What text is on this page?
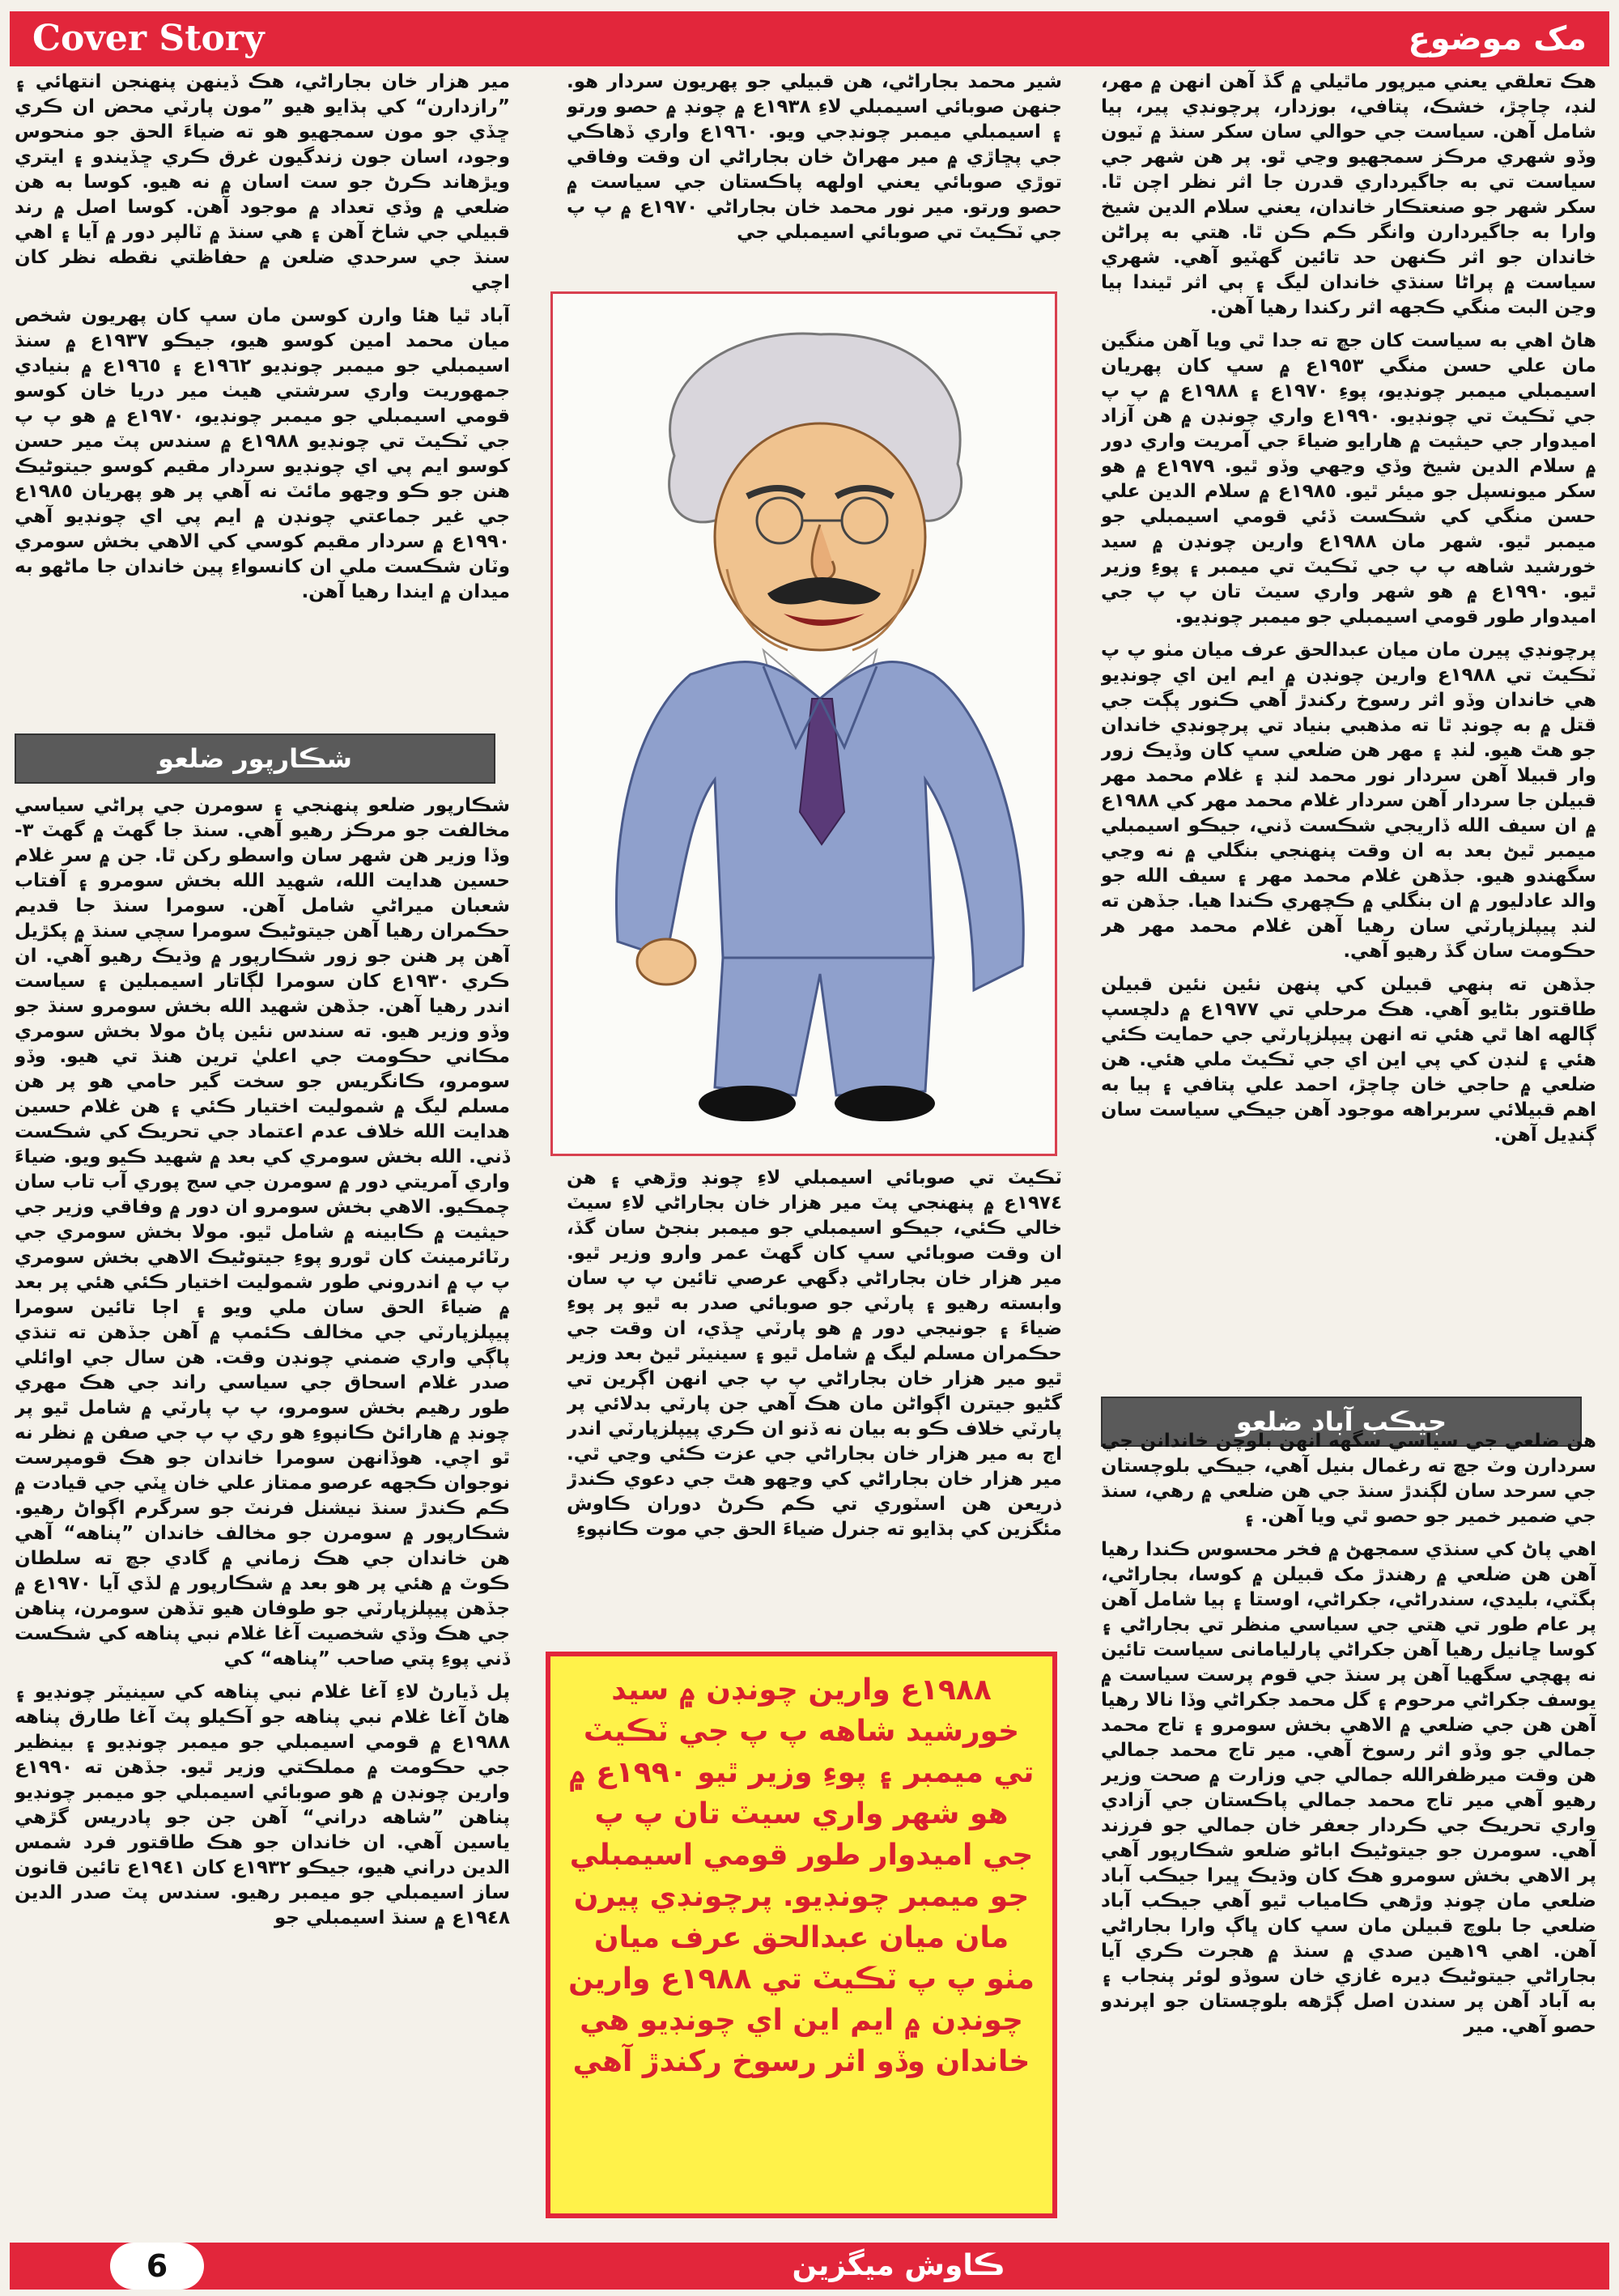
Cover Story	مک موضوع

هڪ تعلقي يعني ميرپور ماٿيلي ۾ گڏ آهن انهن ۾ مهر، لنڊ، چاچڙ، خشڪ، پتافي، بوزدار، پرچونڊي پير، ٻيا شامل آهن. سياست جي حوالي سان سکر سنڌ ۾ ٽيون وڏو شهري مرڪز سمجهيو وڃي ٿو. پر هن شهر جي سياست تي به جاگيرداري قدرن جا اثر نظر اچن ٿا. سکر شهر جو صنعتڪار خاندان، يعني سلام الدين شيخ وارا به جاگيردارن وانگر ڪم ڪن ٿا. هتي به پراڻن خاندان جو اثر ڪنهن حد تائين گهٽيو آهي. شهري سياست ۾ پراڻا سنڌي خاندان ليگ ۽ ٻي اثر ٿيندا ٻيا وڃن البت منگي ڪجهه اثر رکندا رهيا آهن.

هاڻ اهي به سياست کان جڇ ته جدا ٿي ويا آهن منگين مان علي حسن منگي ١٩٥٣ع ۾ سڀ کان پهريان اسيمبلي ميمبر چونڊيو، پوءِ ١٩٧٠ع ۽ ١٩٨٨ع ۾ پ پ جي ٽڪيٽ تي چونڊيو. ١٩٩٠ع واري چونڊن ۾ هن آزاد اميدوار جي حيثيت ۾ هارايو ضياءَ جي آمريت واري دور ۾ سلام الدين شيخ وڏي وڃهي وڏو ٿيو. ١٩٧٩ع ۾ هو سکر ميونسپل جو ميئر ٿيو. ١٩٨٥ع ۾ سلام الدين علي حسن منگي کي شڪست ڏئي قومي اسيمبلي جو ميمبر ٿيو. شهر مان ١٩٨٨ع وارين چونڊن ۾ سيد خورشيد شاهه پ پ جي ٽڪيٽ تي ميمبر ۽ پوءِ وزير ٿيو. ١٩٩٠ع ۾ هو شهر واري سيٽ تان پ پ جي اميدوار طور قومي اسيمبلي جو ميمبر چونڊيو.

پرچونڊي پيرن مان ميان عبدالحق عرف ميان مٺو پ پ ٽڪيٽ تي ١٩٨٨ع وارين چونڊن ۾ ايم اين اي چونڊيو هي خاندان وڏو اثر رسوخ رکندڙ آهي ڪنور پڳت جي قتل ۾ به چونڊ ٿا ته مذهبي بنياد تي پرچونڊي خاندان جو هٿ هيو. لنڊ ۽ مهر هن ضلعي سڀ کان وڏيڪ زور وار قبيلا آهن سردار نور محمد لنڊ ۽ غلام محمد مهر قبيلن جا سردار آهن سردار غلام محمد مهر کي ١٩٨٨ع ۾ ان سيف الله ڏاريجي شڪست ڏني، جيڪو اسيمبلي ميمبر ٿيڻ بعد به ان وقت پنهنجي بنگلي ۾ نه وڃي سگهندو هيو. جڏهن غلام محمد مهر ۽ سيف الله جو والد عادليور ۾ ان بنگلي ۾ ڪچهري ڪندا هيا. جڏهن ته لنڊ پيپلزپارٽي سان رهيا آهن غلام محمد مهر هر حڪومت سان گڏ رهيو آهي.

جڏهن ته ٻنهي قبيلن کي پنهن نئين نئين قبيلن طاقتور بڻايو آهي. هڪ مرحلي تي ١٩٧٧ع ۾ دلچسپ ڳالهه اها ٿي هئي ته انهن پيپلزپارٽي جي حمايت ڪئي هئي ۽ لنڊن کي پي اين اي جي ٽڪيٽ ملي هئي. هن ضلعي ۾ حاجي خان چاچڙ، احمد علي پتافي ۽ ٻيا به اهم قبيلائي سربراهه موجود آهن جيڪي سياست سان ڳنڍيل آهن.

جيڪب آباد ضلعو

هن ضلعي جي سياسي سگهه انهن بلوچن خاندانن جي سردارن وٽ جڇ ته رغمال بنيل آهي، جيڪي بلوچستان جي سرحد سان لڳندڙ سنڌ جي هن ضلعي ۾ رهي، سنڌ جي ضمير خمير جو حصو ٿي ويا آهن. ۽

اهي پاڻ کي سنڌي سمجهڻ ۾ فخر محسوس ڪندا رهيا آهن هن ضلعي ۾ رهندڙ مک قبيلن ۾ کوسا، بجاراڻي، ٻگٽي، بليدي، سندراڻي، جکراڻي، اوستا ۽ ٻيا شامل آهن پر عام طور تي هتي جي سياسي منظر تي بجاراڻي ۽ کوسا ڇانيل رهيا آهن جکراڻي پارليامانی سياست تائين نه پهچي سگهيا آهن پر سنڌ جي قوم پرست سياست ۾ يوسف جکراڻي مرحوم ۽ گل محمد جکراڻي وڏا نالا رهيا آهن هن جي ضلعي ۾ الاهي بخش سومرو ۽ تاج محمد جمالي جو وڏو اثر رسوخ آهي. مير تاج محمد جمالي هن وقت ميرظفرالله جمالي جي وزارت ۾ صحت وزير رهيو آهي مير تاج محمد جمالي پاڪستان جي آزادي واري تحريڪ جي ڪردار جعفر خان جمالي جو فرزند آهي. سومرن جو جيتوڻيڪ اباڻو ضلعو شڪارپور آهي پر الاهي بخش سومرو هڪ کان وڌيڪ ڀيرا جيڪب آباد ضلعي مان چونڊ وڙهي ڪامياب ٿيو آهي جيڪب آباد ضلعي جا بلوچ قبيلن مان سڀ کان ڀاڳ وارا بجاراڻي آهن. اهي ١٩هين صدي ۾ سنڌ ۾ هجرت ڪري آيا بجاراڻي جيتوڻيڪ ڊيره غازي خان سوڏو لوئر پنجاب ۽ به آباد آهن پر سندن اصل ڳڙهه بلوچستان جو اپرندو حصو آهي. مير

شير محمد بجاراڻي، هن قبيلي جو پهريون سردار هو. جنهن صوبائي اسيمبلي لاءِ ١٩٣٨ع ۾ چونڊ ۾ حصو ورتو ۽ اسيمبلي ميمبر چونڊجي ويو. ١٩٦٠ع واري ڏهاڪي جي پڇاڙي ۾ مير مهراڻ خان بجاراڻي ان وقت وفاقي توڙي صوبائي يعني اولهه پاڪستان جي سياست ۾ حصو ورتو. مير نور محمد خان بجاراڻي ١٩٧٠ع ۾ پ پ جي ٽڪيٽ تي صوبائي اسيمبلي جي

ٽڪيٽ تي صوبائي اسيمبلي لاءِ چونڊ وڙهي ۽ هن ١٩٧٤ع ۾ پنهنجي پٽ مير هزار خان بجاراڻي لاءِ سيٽ خالي ڪئي، جيڪو اسيمبلي جو ميمبر بنجڻ سان گڏ، ان وقت صوبائي سڀ کان گهٽ عمر وارو وزير ٿيو. مير هزار خان بجاراڻي ڊگهي عرصي تائين پ پ سان وابسته رهيو ۽ پارٽي جو صوبائي صدر به ٿيو پر پوءِ ضياءَ ۽ جونيجي دور ۾ هو پارٽي ڇڏي، ان وقت جي حڪمران مسلم ليگ ۾ شامل ٿيو ۽ سينيٽر ٿيڻ بعد وزير ٿيو مير هزار خان بجاراڻي پ پ جي انهن اڳرين تي گڻيو جيترن اڳواڻن مان هڪ آهي جن پارٽي بدلائي پر پارٽي خلاف ڪو به بيان نه ڏنو ان ڪري پيپلزپارٽي اندر اڄ به مير هزار خان بجاراڻي جي عزت ڪئي وڃي ٿي. مير هزار خان بجاراڻي کي وڃهو هٿ جي دعوي ڪندڙ ذريعن هن اسٽوري تي ڪم ڪرڻ دوران ڪاوش مئگزين کي ٻڌايو ته جنرل ضياءَ الحق جي موت ڪانپوءِ

١٩٨٨ع وارين چونڊن ۾ سيد خورشيد شاهه پ پ جي ٽڪيٽ تي ميمبر ۽ پوءِ وزير ٿيو ١٩٩٠ع ۾ هو شهر واري سيٽ تان پ پ جي اميدوار طور قومي اسيمبلي جو ميمبر چونڊيو. پرچونڊي پيرن مان ميان عبدالحق عرف ميان مٺو پ پ ٽڪيٽ تي ١٩٨٨ع وارين چونڊن ۾ ايم اين اي چونڊيو هي خاندان وڏو اثر رسوخ رکندڙ آهي

مير هزار خان بجاراڻي، هڪ ڏينهن پنهنجن انتهائي ۽ ”رازدارن“ کي ٻڌايو هيو ”مون پارٽي محض ان ڪري ڇڏي جو مون سمجهيو هو ته ضياءَ الحق جو منحوس وجود، اسان جون زندگيون غرق ڪري ڇڏيندو ۽ ايتري ويڙهاند ڪرڻ جو ست اسان ۾ نه هيو. کوسا به هن ضلعي ۾ وڏي تعداد ۾ موجود آهن. کوسا اصل ۾ رند قبيلي جي شاخ آهن ۽ هي سنڌ ۾ ٽالپر دور ۾ آيا ۽ اهي سنڌ جي سرحدي ضلعن ۾ حفاظتي نقطه نظر کان اچي

آباد ٿيا هئا وارن کوسن مان سڀ کان پهريون شخص ميان محمد امين کوسو هيو، جيڪو ١٩٣٧ع ۾ سنڌ اسيمبلي جو ميمبر چونڊيو ١٩٦٢ع ۽ ١٩٦٥ع ۾ بنيادي جمهوريت واري سرشتي هيٺ مير دريا خان کوسو قومي اسيمبلي جو ميمبر چونڊيو، ١٩٧٠ع ۾ هو پ پ جي ٽڪيٽ تي چونڊيو ١٩٨٨ع ۾ سندس پٽ مير حسن کوسو ايم پي اي چونڊيو سردار مقيم کوسو جيتوڻيڪ هنن جو ڪو وڃهو مائٽ نه آهي پر هو پهريان ١٩٨٥ع جي غير جماعتي چونڊن ۾ ايم پي اي چونڊيو آهي ١٩٩٠ع ۾ سردار مقيم کوسي کي الاهي بخش سومري وٽان شڪست ملي ان کانسواءِ پين خاندان جا ماڻهو به ميدان ۾ ايندا رهيا آهن.

شڪارپور ضلعو

شڪارپور ضلعو پنهنجي ۽ سومرن جي پراڻي سياسي مخالفت جو مرڪز رهيو آهي. سنڌ جا گهٽ ۾ گهٽ ٣- وڏا وزير هن شهر سان واسطو رکن ٿا. جن ۾ سر غلام حسين هدايت الله، شهيد الله بخش سومرو ۽ آفتاب شعبان ميراڻي شامل آهن. سومرا سنڌ جا قديم حڪمران رهيا آهن جيتوڻيڪ سومرا سچي سنڌ ۾ پکڙيل آهن پر هنن جو زور شڪارپور ۾ وڌيڪ رهيو آهي. ان ڪري ١٩٣٠ع کان سومرا لڳاتار اسيمبلين ۽ سياست اندر رهيا آهن. جڏهن شهيد الله بخش سومرو سنڌ جو وڏو وزير هيو. ته سندس نئين پاڻ مولا بخش سومري مڪاني حڪومت جي اعليٰ ترين هنڌ تي هيو. وڏو سومرو، ڪانگريس جو سخت گير حامي هو پر هن مسلم ليگ ۾ شموليت اختيار ڪئي ۽ هن غلام حسين هدايت الله خلاف عدم اعتماد جي تحريڪ کي شڪست ڏني. الله بخش سومري کي بعد ۾ شهيد ڪيو ويو. ضياءَ واري آمريتي دور ۾ سومرن جي سج پوري آب تاب سان چمڪيو. الاهي بخش سومرو ان دور ۾ وفاقي وزير جي حيثيت ۾ ڪابينه ۾ شامل ٿيو. مولا بخش سومري جي رٽائرمينٽ کان ٿورو پوءِ جيتوڻيڪ الاهي بخش سومري پ پ ۾ اندروني طور شموليت اختيار ڪئي هئي پر بعد ۾ ضياءَ الحق سان ملي ويو ۽ اڄا تائين سومرا پيپلزپارٽي جي مخالف ڪئمپ ۾ آهن جڏهن ته تنڌي پاڳي واري ضمني چونڊن وقت. هن سال جي اوائلي صدر غلام اسحاق جي سياسي راند جي هڪ مهري طور رهيم بخش سومرو، پ پ پارٽي ۾ شامل ٿيو پر چونڊ ۾ هارائڻ ڪانپوءِ هو ري پ پ جي صفن ۾ نظر نه ٿو اچي. هوڏانهن سومرا خاندان جو هڪ قومپرست نوجوان ڪجهه عرصو ممتاز علي خان ڀٽي جي قيادت ۾ ڪم ڪندڙ سنڌ نيشنل فرنٽ جو سرگرم اڳواڻ رهيو. شڪارپور ۾ سومرن جو مخالف خاندان ”پناهه“ آهي هن خاندان جي هڪ زماني ۾ گادي جڇ ته سلطان ڪوٽ ۾ هئي پر هو بعد ۾ شڪارپور ۾ لڏي آيا ١٩٧٠ع ۾ جڏهن پيپلزپارٽي جو طوفان هيو تڏهن سومرن، پناهن جي هڪ وڏي شخصيت آغا غلام نبي پناهه کي شڪست ڏني پوءِ پتي صاحب ”پناهه“ کي

پل ڏيارڻ لاءِ آغا غلام نبي پناهه کي سينيٽر چونڊيو ۽ هاڻ آغا غلام نبي پناهه جو آڪيلو پٽ آغا طارق پناهه ١٩٨٨ع ۾ قومي اسيمبلي جو ميمبر چونڊيو ۽ بينظير جي حڪومت ۾ مملڪتي وزير ٿيو. جڏهن ته ١٩٩٠ع وارين چونڊن ۾ هو صوبائي اسيمبلي جو ميمبر چونڊيو پناهن ”شاهه دراني“ آهن جن جو پادريس گڙهي ياسين آهي. ان خاندان جو هڪ طاقتور فرد شمس الدين دراني هيو، جيڪو ١٩٣٢ع کان ١٩٤١ع تائين قانون ساز اسيمبلي جو ميمبر رهيو. سندس پٽ صدر الدين ١٩٤٨ع ۾ سنڌ اسيمبلي جو

6	ڪاوش ميگزين
